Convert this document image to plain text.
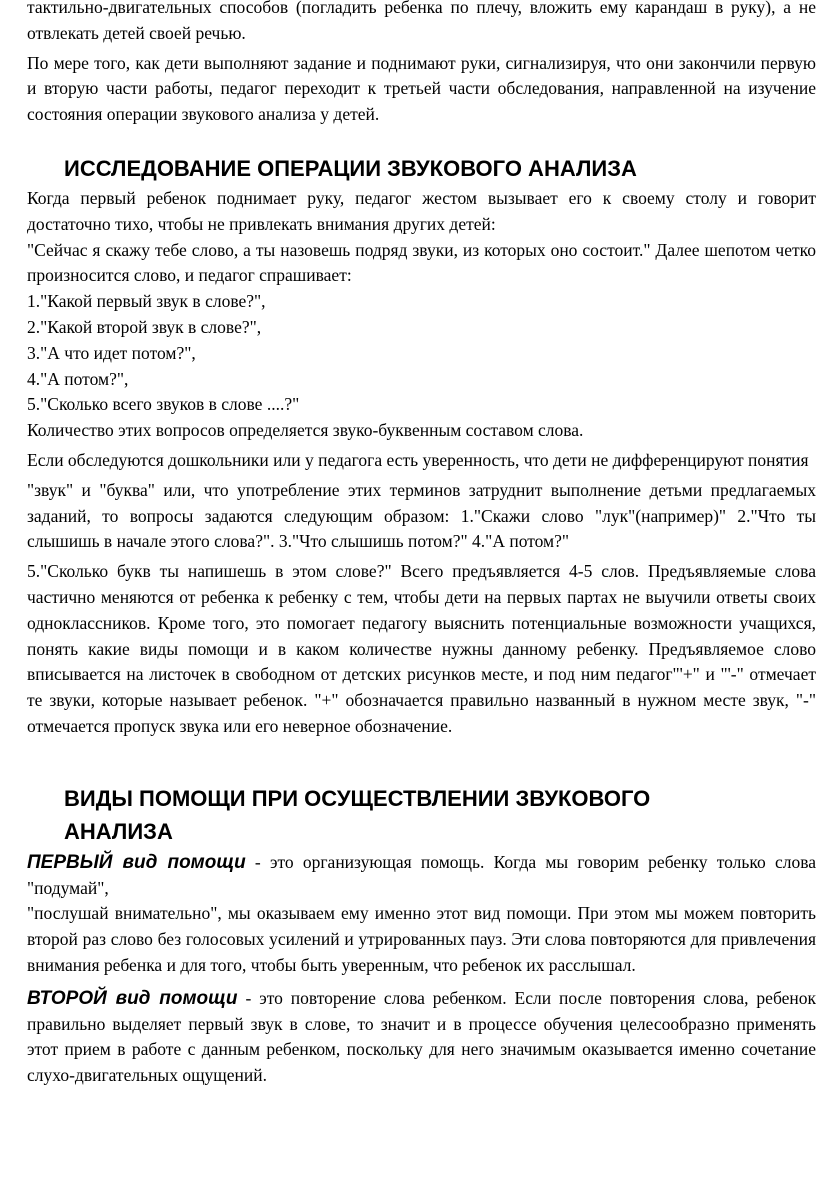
тактильно-двигательных способов (погладить ребенка по плечу, вложить ему карандаш в руку), а не отвлекать детей своей речью.

По мере того, как дети выполняют задание и поднимают руки, сигнализируя, что они закончили первую и вторую части работы, педагог переходит к третьей части обследования, направленной на изучение состояния операции звукового анализа у детей.

ИССЛЕДОВАНИЕ ОПЕРАЦИИ ЗВУКОВОГО АНАЛИЗА

Когда первый ребенок поднимает руку, педагог жестом вызывает его к своему столу и говорит достаточно тихо, чтобы не привлекать внимания других детей:

"Сейчас я скажу тебе слово, а ты назовешь подряд звуки, из которых оно состоит." Далее шепотом четко произносится слово, и педагог спрашивает:

1."Какой первый звук в слове?",

2."Какой второй звук в слове?",

3."А что идет потом?",

4."А потом?",

5."Сколько всего звуков в слове ....?"

Количество этих вопросов определяется звуко-буквенным составом слова.

Если обследуются дошкольники или у педагога есть уверенность, что дети не дифференцируют понятия

"звук" и "буква" или, что употребление этих терминов затруднит выполнение детьми предлагаемых заданий, то вопросы задаются следующим образом: 1."Скажи слово "лук"(например)" 2."Что ты слышишь в начале этого слова?". 3."Что слышишь потом?" 4."А потом?"

5."Сколько букв ты напишешь в этом слове?" Всего предъявляется 4-5 слов. Предъявляемые слова частично меняются от ребенка к ребенку с тем, чтобы дети на первых партах не выучили ответы своих одноклассников. Кроме того, это помогает педагогу выяснить потенциальные возможности учащихся, понять какие виды помощи и в каком количестве нужны данному ребенку. Предъявляемое слово вписывается на листочек в свободном от детских рисунков месте, и под ним педагог"'+" и "'-" отмечает те звуки, которые называет ребенок. "+" обозначается правильно названный в нужном месте звук, "-" отмечается пропуск звука или его неверное обозначение.

ВИДЫ ПОМОЩИ ПРИ ОСУЩЕСТВЛЕНИИ ЗВУКОВОГО
АНАЛИЗА

ПЕРВЫЙ вид помощи - это организующая помощь. Когда мы говорим ребенку только слова "подумай",

"послушай внимательно", мы оказываем ему именно этот вид помощи. При этом мы можем повторить второй раз слово без голосовых усилений и утрированных пауз. Эти слова повторяются для привлечения внимания ребенка и для того, чтобы быть уверенным, что ребенок их расслышал.

ВТОРОЙ вид помощи - это повторение слова ребенком. Если после повторения слова, ребенок правильно выделяет первый звук в слове, то значит и в процессе обучения целесообразно применять этот прием в работе с данным ребенком, поскольку для него значимым оказывается именно сочетание слухо-двигательных ощущений.
